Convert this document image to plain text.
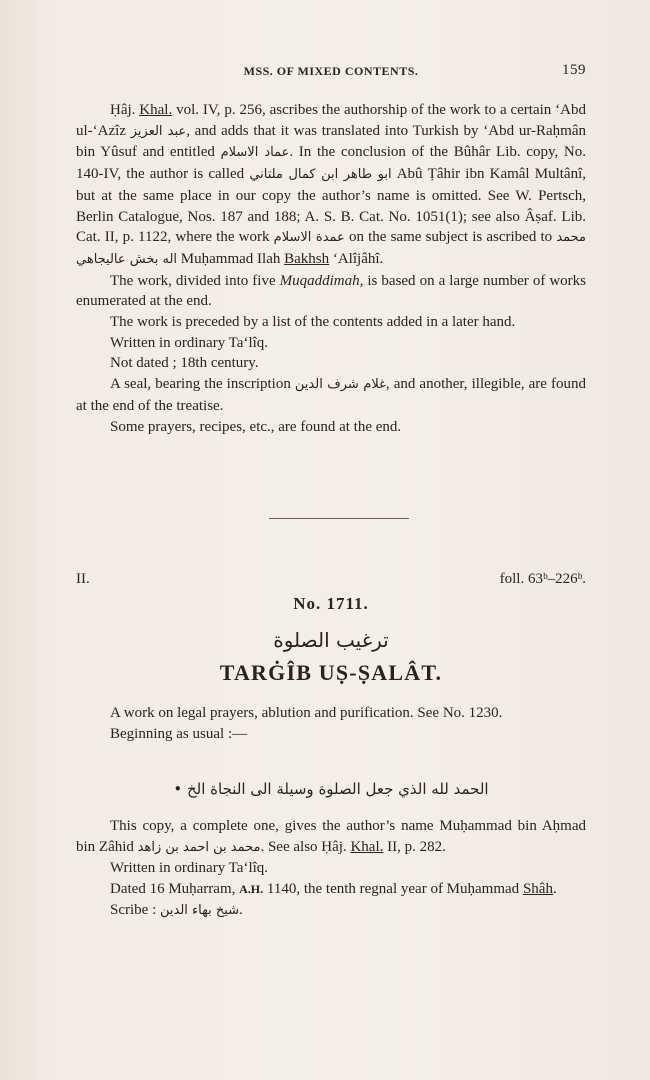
MSS. OF MIXED CONTENTS.	159

Ḥâj. Khal. vol. IV, p. 256, ascribes the authorship of the work to a certain ‘Abd ul-‘Azîz عبد العزيز, and adds that it was translated into Turkish by ‘Abd ur-Raḥmân bin Yûsuf and entitled عماد الاسلام. In the conclusion of the Bûhâr Lib. copy, No. 140-IV, the author is called ابو طاهر ابن كمال ملتاني Abû Ṭâhir ibn Kamâl Multânî, but at the same place in our copy the author’s name is omitted. See W. Pertsch, Berlin Catalogue, Nos. 187 and 188; A. S. B. Cat. No. 1051(1); see also Âṣaf. Lib. Cat. II, p. 1122, where the work عمدة الاسلام on the same subject is ascribed to محمد اله بخش عاليجاهي Muḥammad Ilah Bakhsh ‘Alîjâhî.

The work, divided into five Muqaddimah, is based on a large number of works enumerated at the end.

The work is preceded by a list of the contents added in a later hand.

Written in ordinary Ta‘lîq.

Not dated ; 18th century.

A seal, bearing the inscription غلام شرف الدين, and another, illegible, are found at the end of the treatise.

Some prayers, recipes, etc., are found at the end.

II.	foll. 63ᵇ–226ᵇ.
No. 1711.
ترغيب الصلوة
TARĠÎB UṢ-ṢALÂT.

A work on legal prayers, ablution and purification. See No. 1230.

Beginning as usual :—

الحمد لله الذي جعل الصلوة وسيلة الى النجاة الخ •

This copy, a complete one, gives the author’s name Muḥammad bin Aḥmad bin Zâhid محمد بن احمد بن زاهد. See also Ḥâj. Khal. II, p. 282.

Written in ordinary Ta‘lîq.

Dated 16 Muḥarram, A.H. 1140, the tenth regnal year of Muḥammad Shâh.

Scribe : شيخ بهاء الدين.
